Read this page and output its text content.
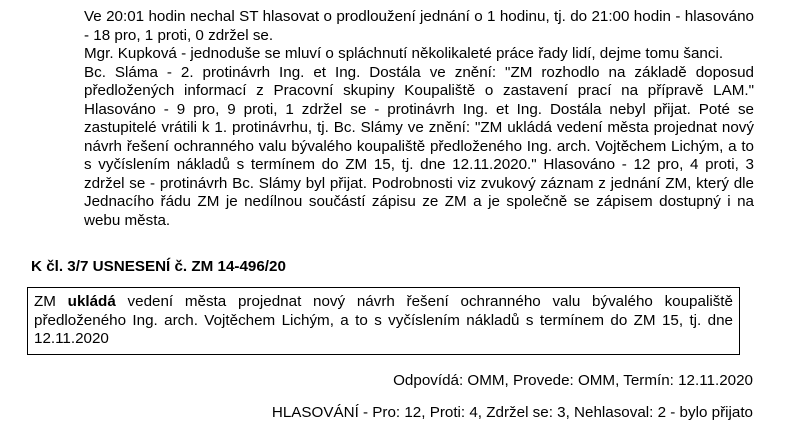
Ve 20:01 hodin nechal ST hlasovat o prodloužení jednání o 1 hodinu, tj. do 21:00 hodin - hlasováno - 18 pro, 1 proti, 0 zdržel se.

Mgr. Kupková - jednoduše se mluví o spláchnutí několikaleté práce řady lidí, dejme tomu šanci.

Bc. Sláma - 2. protinávrh Ing. et Ing. Dostála ve znění: "ZM rozhodlo na základě doposud předložených informací z Pracovní skupiny Koupaliště o zastavení prací na přípravě LAM." Hlasováno - 9 pro, 9 proti, 1 zdržel se - protinávrh Ing. et Ing. Dostála nebyl přijat. Poté se zastupitelé vrátili k 1. protinávrhu, tj. Bc. Slámy ve znění: "ZM ukládá vedení města projednat nový návrh řešení ochranného valu bývalého koupaliště předloženého Ing. arch. Vojtěchem Lichým, a to s vyčíslením nákladů s termínem do ZM 15, tj. dne 12.11.2020." Hlasováno - 12 pro, 4 proti, 3 zdržel se - protinávrh Bc. Slámy byl přijat. Podrobnosti viz zvukový záznam z jednání ZM, který dle Jednacího řádu ZM je nedílnou součástí zápisu ze ZM a je společně se zápisem dostupný i na webu města.

K čl. 3/7 USNESENÍ č. ZM 14-496/20

ZM ukládá vedení města projednat nový návrh řešení ochranného valu bývalého koupaliště předloženého Ing. arch. Vojtěchem Lichým, a to s vyčíslením nákladů s termínem do ZM 15, tj. dne 12.11.2020

Odpovídá: OMM, Provede: OMM, Termín: 12.11.2020

HLASOVÁNÍ - Pro: 12, Proti: 4, Zdržel se: 3, Nehlasoval: 2 - bylo přijato
